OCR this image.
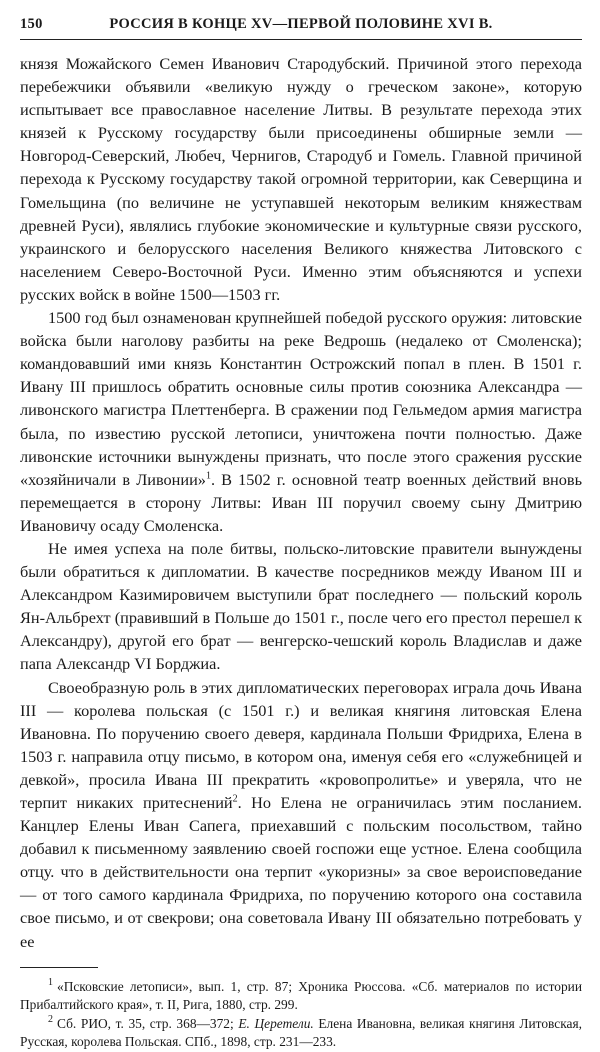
150	РОССИЯ В КОНЦЕ XV—ПЕРВОЙ ПОЛОВИНЕ XVI В.

князя Можайского Семен Иванович Стародубский. Причиной этого перехода перебежчики объявили «великую нужду о греческом законе», которую испытывает все православное население Литвы. В результате перехода этих князей к Русскому государству были присоединены обширные земли — Новгород-Северский, Любеч, Чернигов, Стародуб и Гомель. Главной причиной перехода к Русскому государству такой огромной территории, как Северщина и Гомельщина (по величине не уступавшей некоторым великим княжествам древней Руси), являлись глубокие экономические и культурные связи русского, украинского и белорусского населения Великого княжества Литовского с населением Северо-Восточной Руси. Именно этим объясняются и успехи русских войск в войне 1500—1503 гг.

1500 год был ознаменован крупнейшей победой русского оружия: литовские войска были наголову разбиты на реке Ведрошь (недалеко от Смоленска); командовавший ими князь Константин Острожский попал в плен. В 1501 г. Ивану III пришлось обратить основные силы против союзника Александра — ливонского магистра Плеттенберга. В сражении под Гельмедом армия магистра была, по известию русской летописи, уничтожена почти полностью. Даже ливонские источники вынуждены признать, что после этого сражения русские «хозяйничали в Ливонии»$^1$. В 1502 г. основной театр военных действий вновь перемещается в сторону Литвы: Иван III поручил своему сыну Дмитрию Ивановичу осаду Смоленска.

Не имея успеха на поле битвы, польско-литовские правители вынуждены были обратиться к дипломатии. В качестве посредников между Иваном III и Александром Казимировичем выступили брат последнего — польский король Ян-Альбрехт (правивший в Польше до 1501 г., после чего его престол перешел к Александру), другой его брат — венгерско-чешский король Владислав и даже папа Александр VI Борджиа.

Своеобразную роль в этих дипломатических переговорах играла дочь Ивана III — королева польская (с 1501 г.) и великая княгиня литовская Елена Ивановна. По поручению своего деверя, кардинала Польши Фридриха, Елена в 1503 г. направила отцу письмо, в котором она, именуя себя его «служебницей и девкой», просила Ивана III прекратить «кровопролитье» и уверяла, что не терпит никаких притеснений$^2$. Но Елена не ограничилась этим посланием. Канцлер Елены Иван Сапега, приехавший с польским посольством, тайно добавил к письменному заявлению своей госпожи еще устное. Елена сообщила отцу. что в действительности она терпит «укоризны» за свое вероисповедание — от того самого кардинала Фридриха, по поручению которого она составила свое письмо, и от свекрови; она советовала Ивану III обязательно потребовать у ее

$^1$ «Псковские летописи», вып. 1, стр. 87; Хроника Рюссова. «Сб. материалов по истории Прибалтийского края», т. II, Рига, 1880, стр. 299.

$^2$ Сб. РИО, т. 35, стр. 368—372; Е. Церетели. Елена Ивановна, великая княгиня Литовская, Русская, королева Польская. СПб., 1898, стр. 231—233.
